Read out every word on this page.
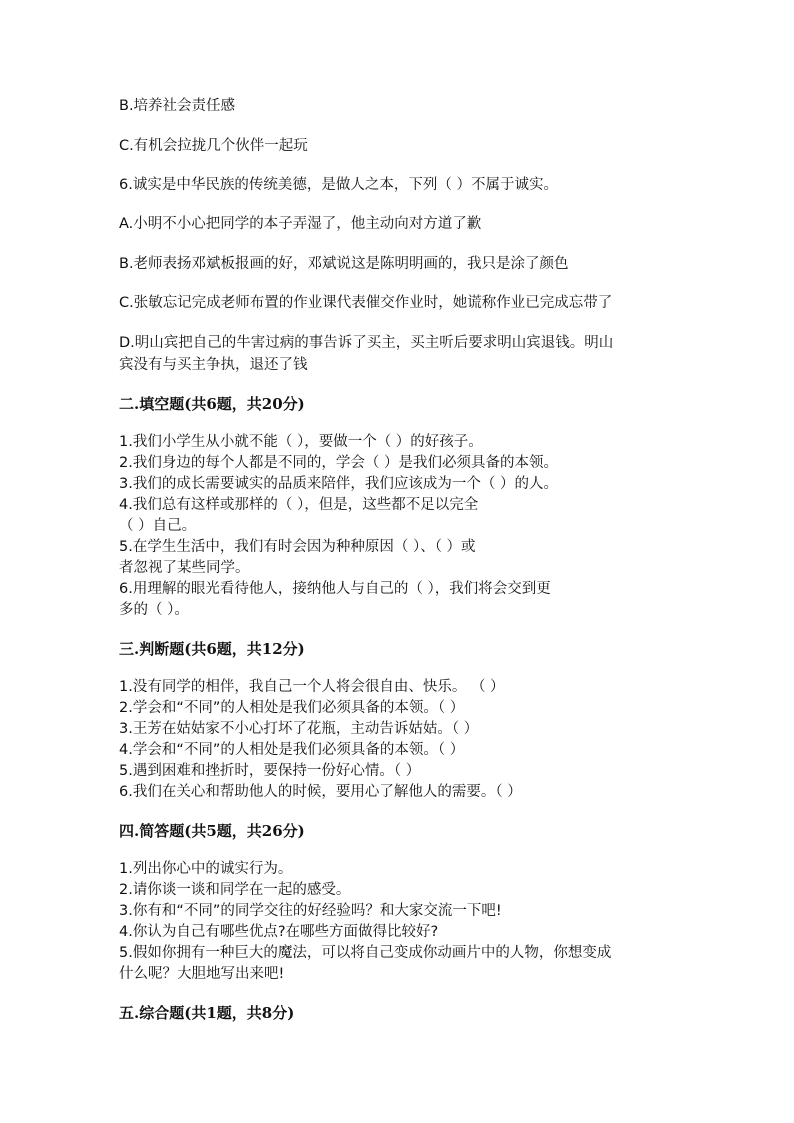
B.培养社会责任感
C.有机会拉拢几个伙伴一起玩
6.诚实是中华民族的传统美德，是做人之本，下列（ ）不属于诚实。
A.小明不小心把同学的本子弄湿了，他主动向对方道了歉
B.老师表扬邓斌板报画的好，邓斌说这是陈明明画的，我只是涂了颜色
C.张敏忘记完成老师布置的作业课代表催交作业时，她谎称作业已完成忘带了
D.明山宾把自己的牛害过病的事告诉了买主，买主听后要求明山宾退钱。明山
宾没有与买主争执，退还了钱
二.填空题(共6题，共20分)
1.我们小学生从小就不能（ ），要做一个（ ）的好孩子。
2.我们身边的每个人都是不同的，学会（ ）是我们必须具备的本领。
3.我们的成长需要诚实的品质来陪伴，我们应该成为一个（ ）的人。
4.我们总有这样或那样的（ ），但是，这些都不足以完全
（ ）自己。
5.在学生生活中，我们有时会因为种种原因（ ）、（ ）或
者忽视了某些同学。
6.用理解的眼光看待他人，接纳他人与自己的（ ），我们将会交到更
多的（ ）。
三.判断题(共6题，共12分)
1.没有同学的相伴，我自己一个人将会很自由、快乐。 （ ）
2.学会和“不同”的人相处是我们必须具备的本领。（ ）
3.王芳在姑姑家不小心打坏了花瓶，主动告诉姑姑。（ ）
4.学会和“不同”的人相处是我们必须具备的本领。（ ）
5.遇到困难和挫折时，要保持一份好心情。（ ）
6.我们在关心和帮助他人的时候，要用心了解他人的需要。（ ）
四.简答题(共5题，共26分)
1.列出你心中的诚实行为。
2.请你谈一谈和同学在一起的感受。
3.你有和“不同”的同学交往的好经验吗？和大家交流一下吧!
4.你认为自己有哪些优点?在哪些方面做得比较好?
5.假如你拥有一种巨大的魔法，可以将自己变成你动画片中的人物，你想变成
什么呢？大胆地写出来吧!
五.综合题(共1题，共8分)
